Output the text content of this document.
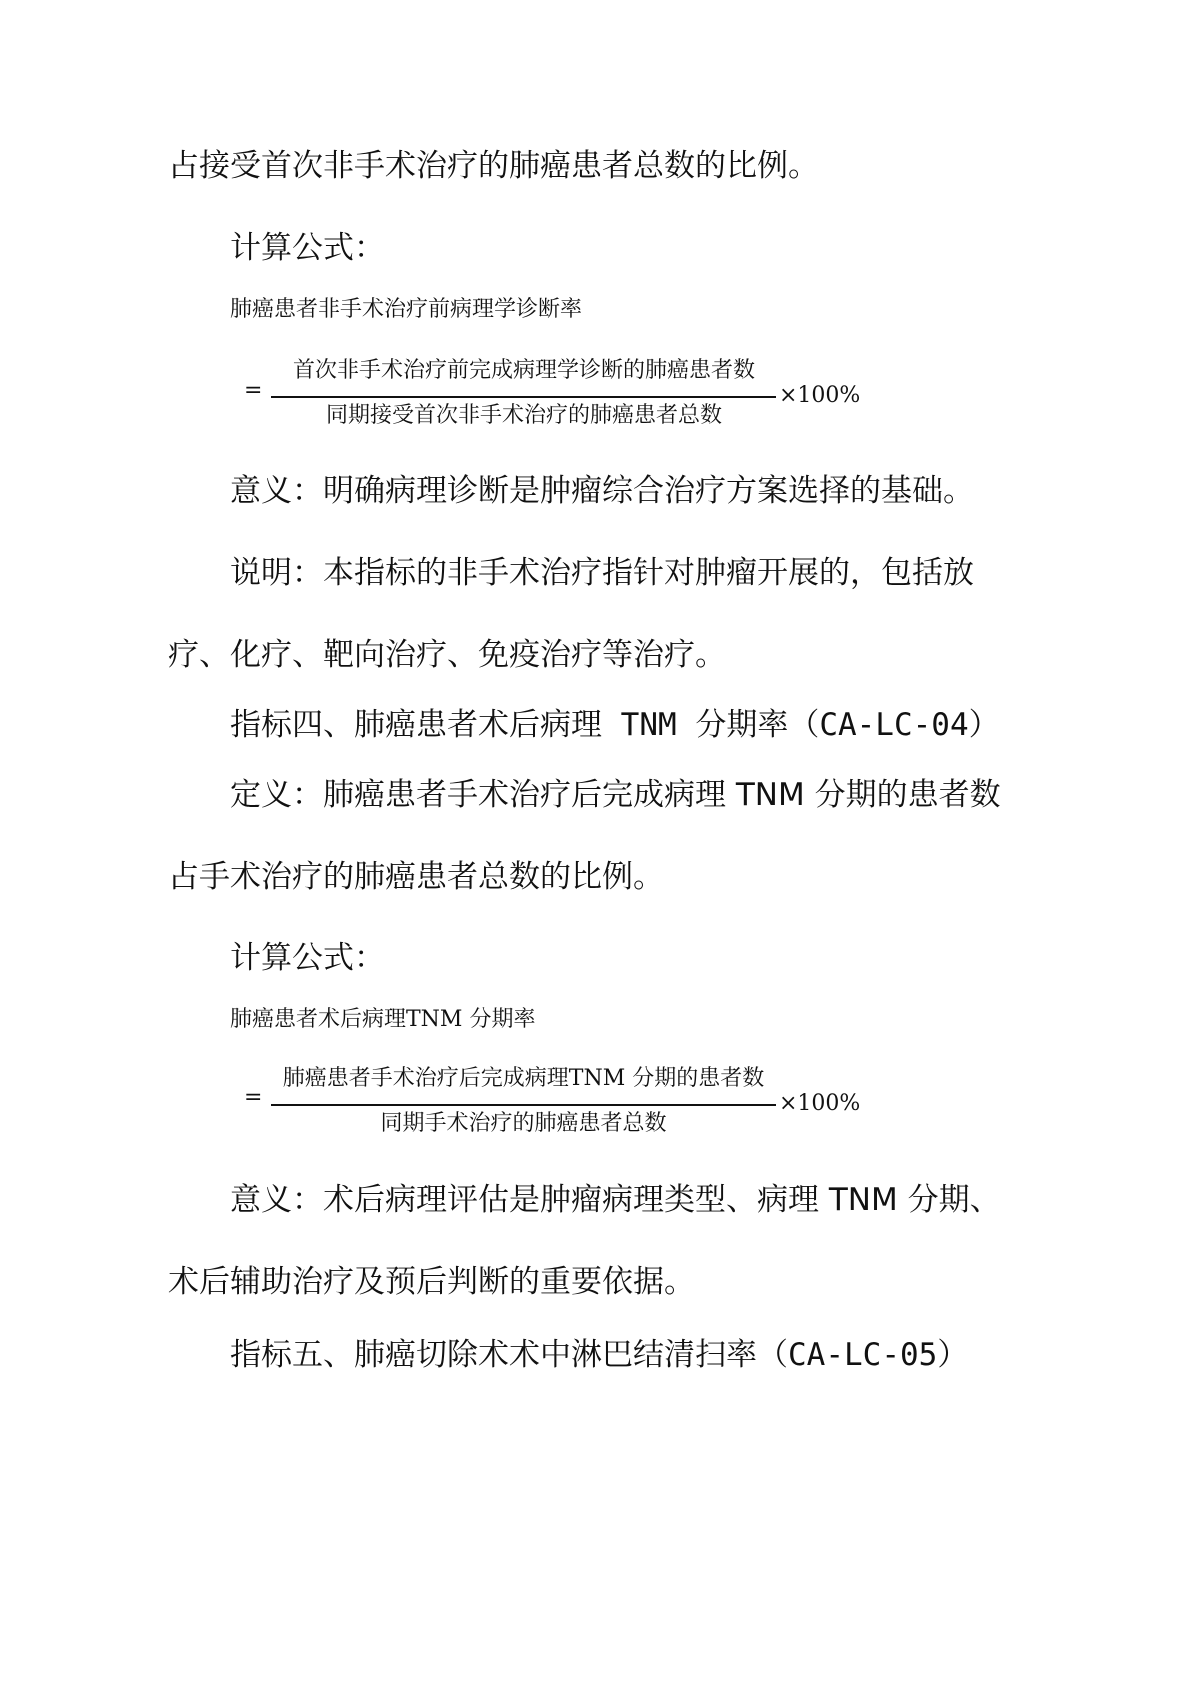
占接受首次非手术治疗的肺癌患者总数的比例。
计算公式：
肺癌患者非手术治疗前病理学诊断率
=
首次非手术治疗前完成病理学诊断的肺癌患者数
同期接受首次非手术治疗的肺癌患者总数
×100%
意义：明确病理诊断是肿瘤综合治疗方案选择的基础。
说明：本指标的非手术治疗指针对肿瘤开展的，包括放
疗、化疗、靶向治疗、免疫治疗等治疗。
指标四、肺癌患者术后病理 TNM 分期率（CA-LC-04）
定义：肺癌患者手术治疗后完成病理 TNM 分期的患者数
占手术治疗的肺癌患者总数的比例。
计算公式：
肺癌患者术后病理TNM 分期率
=
肺癌患者手术治疗后完成病理TNM 分期的患者数
同期手术治疗的肺癌患者总数
×100%
意义：术后病理评估是肿瘤病理类型、病理 TNM 分期、
术后辅助治疗及预后判断的重要依据。
指标五、肺癌切除术术中淋巴结清扫率（CA-LC-05）
